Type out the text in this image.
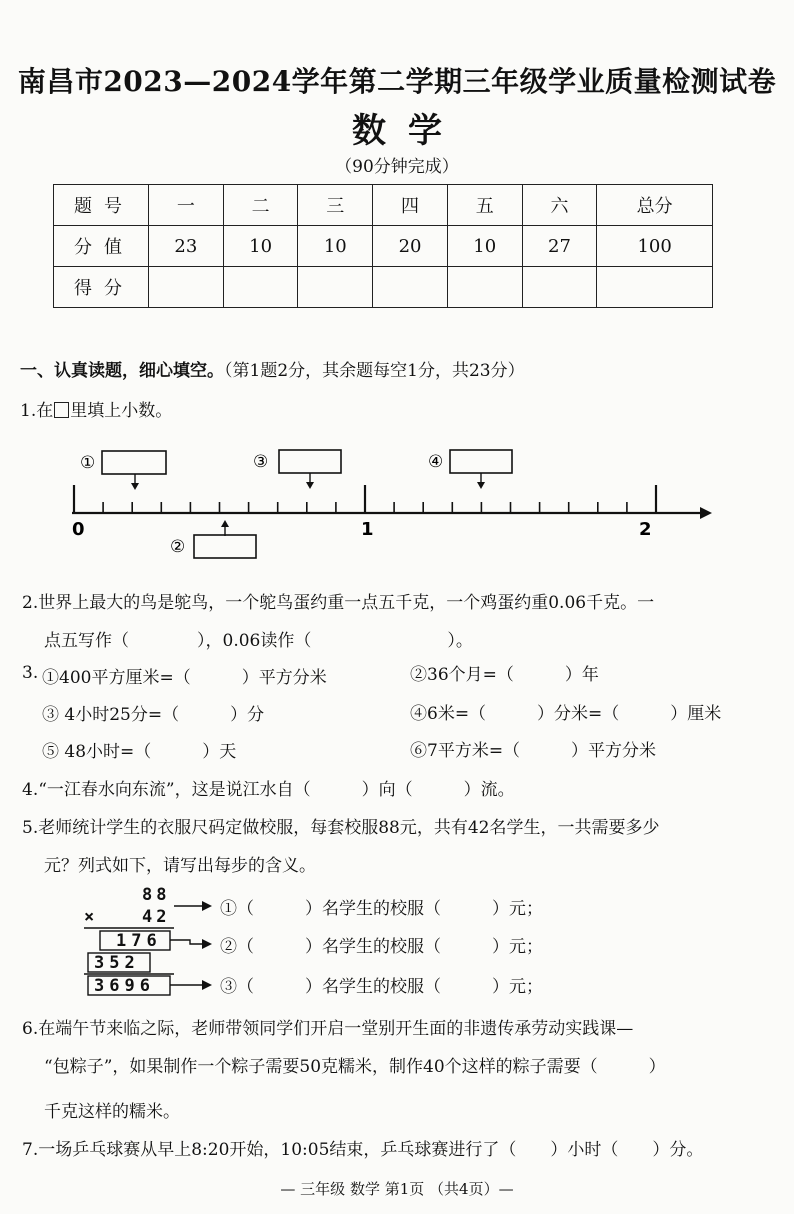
南昌市2023—2024学年第二学期三年级学业质量检测试卷
数学
（90分钟完成）
题号	一	二	三	四	五	六	总分
分值	23	10	10	20	10	27	100
得分							
一、认真读题，细心填空。（第1题2分，其余题每空1分，共23分）
1.在 里填上小数。
0	1	2
①	③	④
②
2.世界上最大的鸟是鸵鸟，一个鸵鸟蛋约重一点五千克，一个鸡蛋约重0.06千克。一
点五写作（　　　　），0.06读作（　　　　　　　　）。
3. ①400平方厘米=（　　　）平方分米	②36个月=（　　　）年
③ 4小时25分=（　　　）分	④6米=（　　　）分米=（　　　）厘米
⑤ 48小时=（　　　）天	⑥7平方米=（　　　）平方分米
4.“一江春水向东流”，这是说江水自（　　　）向（　　　）流。
5.老师统计学生的衣服尺码定做校服，每套校服88元，共有42名学生，一共需要多少
元？列式如下，请写出每步的含义。
88
×	42
176
352
3696
①（　　　）名学生的校服（　　　）元；
②（　　　）名学生的校服（　　　）元；
③（　　　）名学生的校服（　　　）元；
6.在端午节来临之际，老师带领同学们开启一堂别开生面的非遗传承劳动实践课—
“包粽子”，如果制作一个粽子需要50克糯米，制作40个这样的粽子需要（　　　）
千克这样的糯米。
7.一场乒乓球赛从早上8:20开始，10:05结束，乒乓球赛进行了（　　）小时（　　）分。
— 三年级 数学 第1页 （共4页）—
